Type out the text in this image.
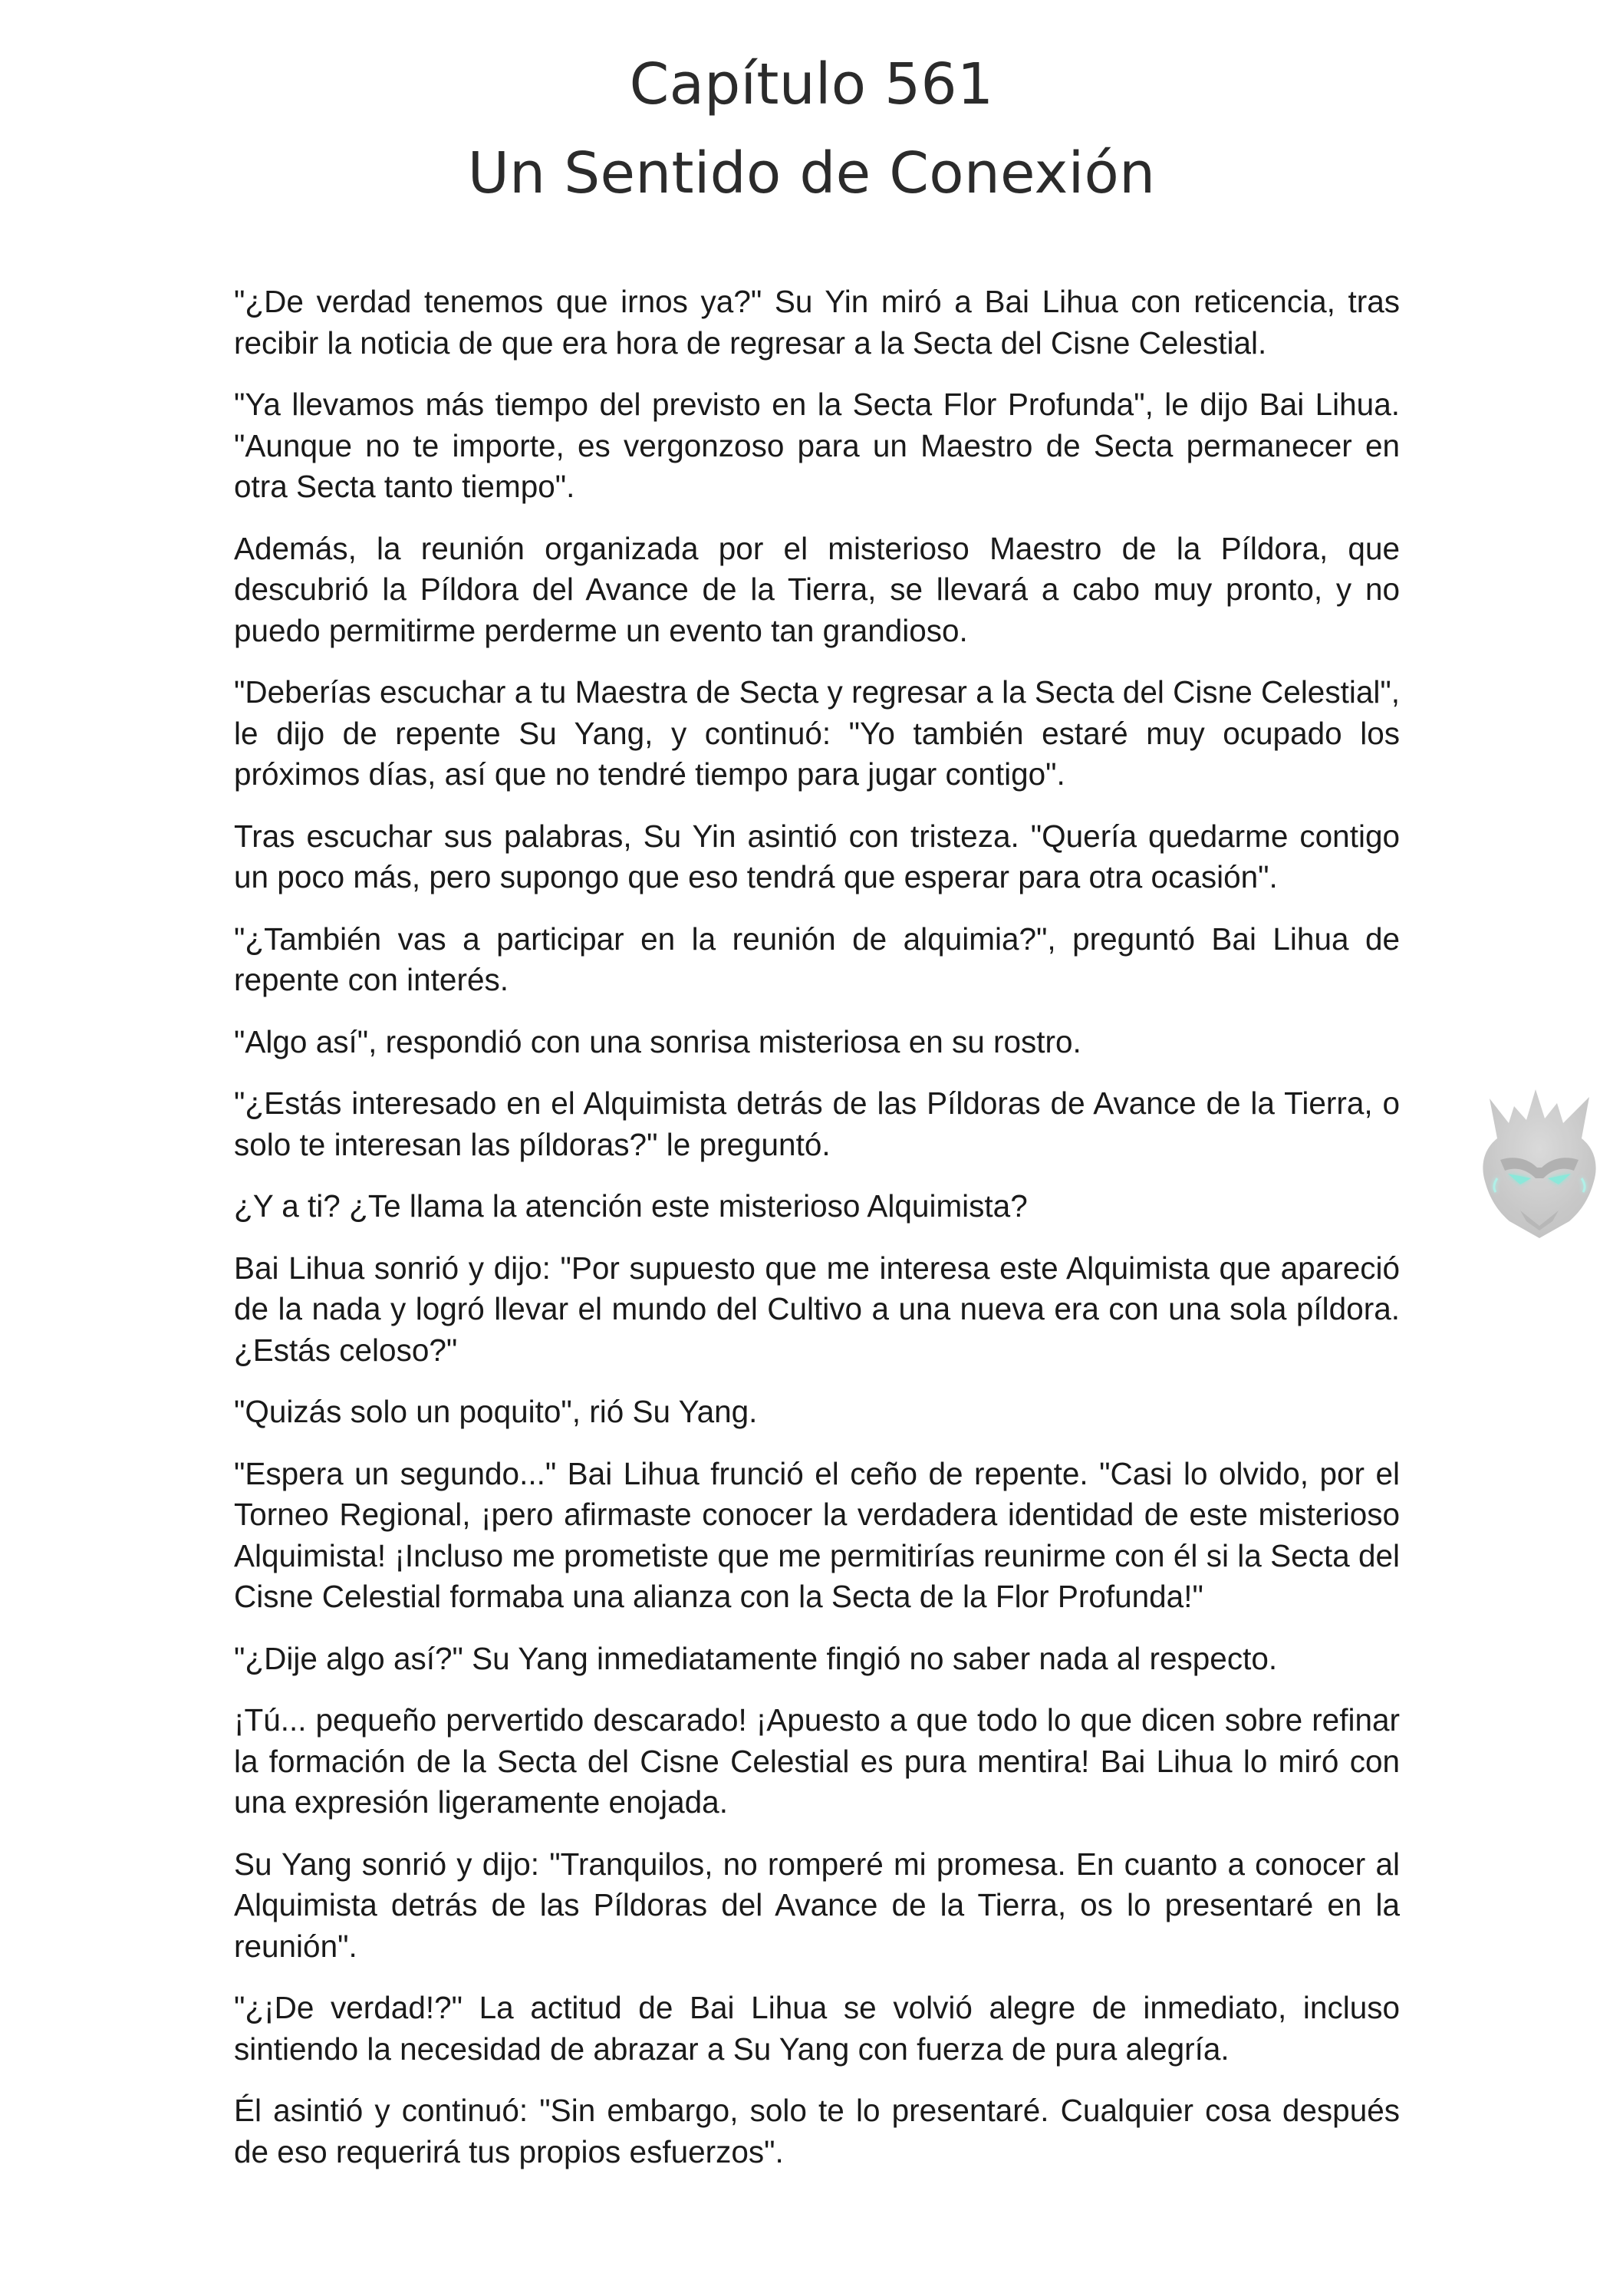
Capítulo 561
Un Sentido de Conexión

"¿De verdad tenemos que irnos ya?" Su Yin miró a Bai Lihua con reticencia, tras recibir la noticia de que era hora de regresar a la Secta del Cisne Celestial.

"Ya llevamos más tiempo del previsto en la Secta Flor Profunda", le dijo Bai Lihua. "Aunque no te importe, es vergonzoso para un Maestro de Secta permanecer en otra Secta tanto tiempo".

Además, la reunión organizada por el misterioso Maestro de la Píldora, que descubrió la Píldora del Avance de la Tierra, se llevará a cabo muy pronto, y no puedo permitirme perderme un evento tan grandioso.

"Deberías escuchar a tu Maestra de Secta y regresar a la Secta del Cisne Celestial", le dijo de repente Su Yang, y continuó: "Yo también estaré muy ocupado los próximos días, así que no tendré tiempo para jugar contigo".

Tras escuchar sus palabras, Su Yin asintió con tristeza. "Quería quedarme contigo un poco más, pero supongo que eso tendrá que esperar para otra ocasión".

"¿También vas a participar en la reunión de alquimia?", preguntó Bai Lihua de repente con interés.

"Algo así", respondió con una sonrisa misteriosa en su rostro.

"¿Estás interesado en el Alquimista detrás de las Píldoras de Avance de la Tierra, o solo te interesan las píldoras?" le preguntó.

¿Y a ti? ¿Te llama la atención este misterioso Alquimista?

Bai Lihua sonrió y dijo: "Por supuesto que me interesa este Alquimista que apareció de la nada y logró llevar el mundo del Cultivo a una nueva era con una sola píldora. ¿Estás celoso?"

"Quizás solo un poquito", rió Su Yang.

"Espera un segundo..." Bai Lihua frunció el ceño de repente. "Casi lo olvido, por el Torneo Regional, ¡pero afirmaste conocer la verdadera identidad de este misterioso Alquimista! ¡Incluso me prometiste que me permitirías reunirme con él si la Secta del Cisne Celestial formaba una alianza con la Secta de la Flor Profunda!"

"¿Dije algo así?" Su Yang inmediatamente fingió no saber nada al respecto.

¡Tú... pequeño pervertido descarado! ¡Apuesto a que todo lo que dicen sobre refinar la formación de la Secta del Cisne Celestial es pura mentira! Bai Lihua lo miró con una expresión ligeramente enojada.

Su Yang sonrió y dijo: "Tranquilos, no romperé mi promesa. En cuanto a conocer al Alquimista detrás de las Píldoras del Avance de la Tierra, os lo presentaré en la reunión".

"¿¡De verdad!?" La actitud de Bai Lihua se volvió alegre de inmediato, incluso sintiendo la necesidad de abrazar a Su Yang con fuerza de pura alegría.

Él asintió y continuó: "Sin embargo, solo te lo presentaré. Cualquier cosa después de eso requerirá tus propios esfuerzos".
